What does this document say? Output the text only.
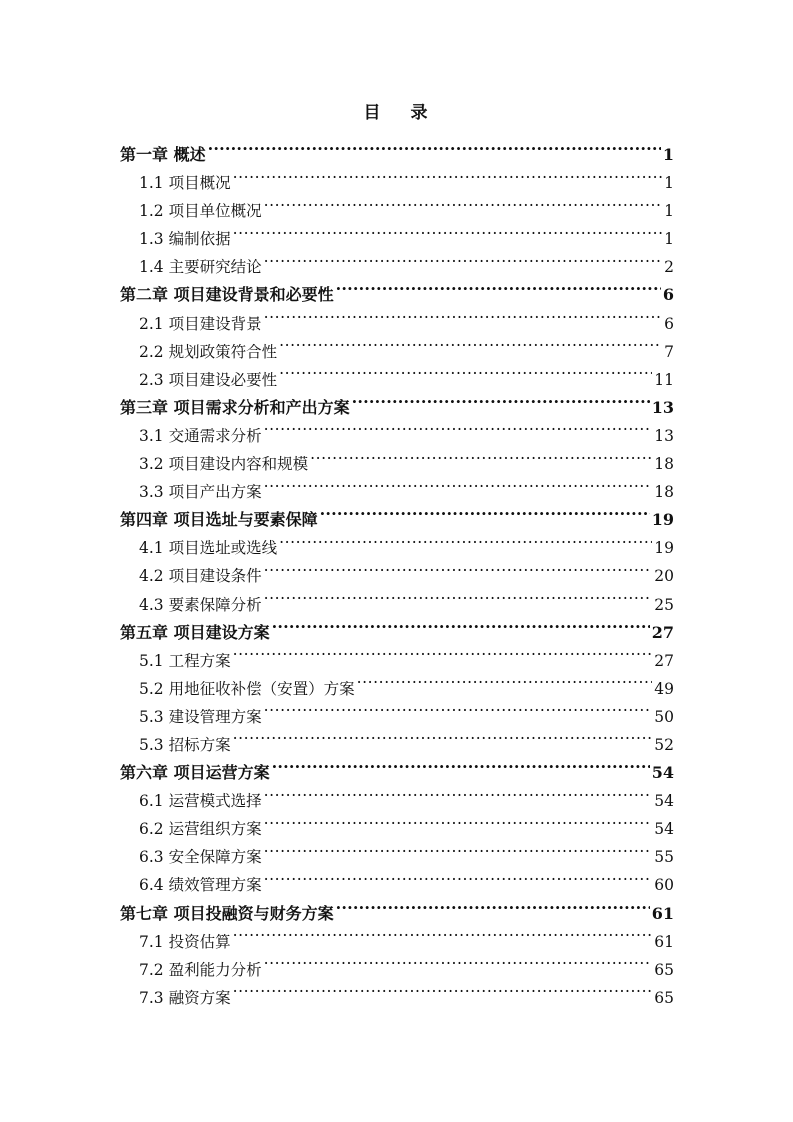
目 录
第一章 概述 .....	1
1.1 项目概况 .....	1
1.2 项目单位概况 .....	1
1.3 编制依据 .....	1
1.4 主要研究结论 .....	2
第二章 项目建设背景和必要性 .....	6
2.1 项目建设背景 .....	6
2.2 规划政策符合性 .....	7
2.3 项目建设必要性 .....	11
第三章 项目需求分析和产出方案 .....	13
3.1 交通需求分析 .....	13
3.2 项目建设内容和规模 .....	18
3.3 项目产出方案 .....	18
第四章 项目选址与要素保障 .....	19
4.1 项目选址或选线 .....	19
4.2 项目建设条件 .....	20
4.3 要素保障分析 .....	25
第五章 项目建设方案 .....	27
5.1 工程方案 .....	27
5.2 用地征收补偿（安置）方案 .....	49
5.3 建设管理方案 .....	50
5.3 招标方案 .....	52
第六章 项目运营方案 .....	54
6.1 运营模式选择 .....	54
6.2 运营组织方案 .....	54
6.3 安全保障方案 .....	55
6.4 绩效管理方案 .....	60
第七章 项目投融资与财务方案 .....	61
7.1 投资估算 .....	61
7.2 盈利能力分析 .....	65
7.3 融资方案 .....	65
